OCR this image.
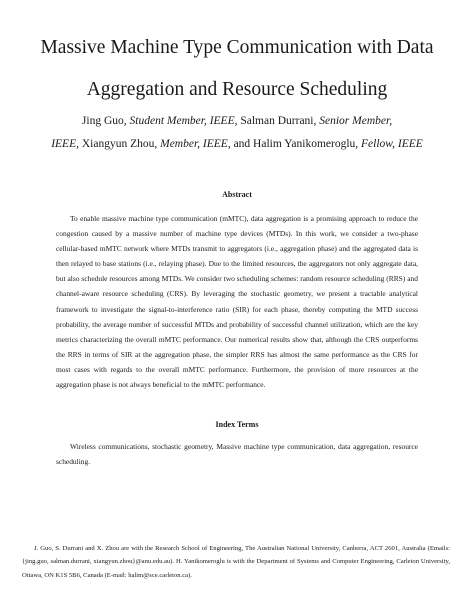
Massive Machine Type Communication with Data
Aggregation and Resource Scheduling
Jing Guo, Student Member, IEEE, Salman Durrani, Senior Member,
IEEE, Xiangyun Zhou, Member, IEEE, and Halim Yanikomeroglu, Fellow, IEEE
Abstract

To enable massive machine type communication (mMTC), data aggregation is a promising approach to reduce the congestion caused by a massive number of machine type devices (MTDs). In this work, we consider a two-phase cellular-based mMTC network where MTDs transmit to aggregators (i.e., aggregation phase) and the aggregated data is then relayed to base stations (i.e., relaying phase). Due to the limited resources, the aggregators not only aggregate data, but also schedule resources among MTDs. We consider two scheduling schemes: random resource scheduling (RRS) and channel-aware resource scheduling (CRS). By leveraging the stochastic geometry, we present a tractable analytical framework to investigate the signal-to-interference ratio (SIR) for each phase, thereby computing the MTD success probability, the average number of successful MTDs and probability of successful channel utilization, which are the key metrics characterizing the overall mMTC performance. Our numerical results show that, although the CRS outperforms the RRS in terms of SIR at the aggregation phase, the simpler RRS has almost the same performance as the CRS for most cases with regards to the overall mMTC performance. Furthermore, the provision of more resources at the aggregation phase is not always beneficial to the mMTC performance.

Index Terms

Wireless communications, stochastic geometry, Massive machine type communication, data aggregation, resource scheduling.

J. Guo, S. Durrani and X. Zhou are with the Research School of Engineering, The Australian National University, Canberra, ACT 2601, Australia (Emails: {jing.guo, salman.durrani, xiangyun.zhou}@anu.edu.au). H. Yanikomeroglu is with the Department of Systems and Computer Engineering, Carleton University, Ottawa, ON K1S 5B6, Canada (E-mail: halim@sce.carleton.ca).
